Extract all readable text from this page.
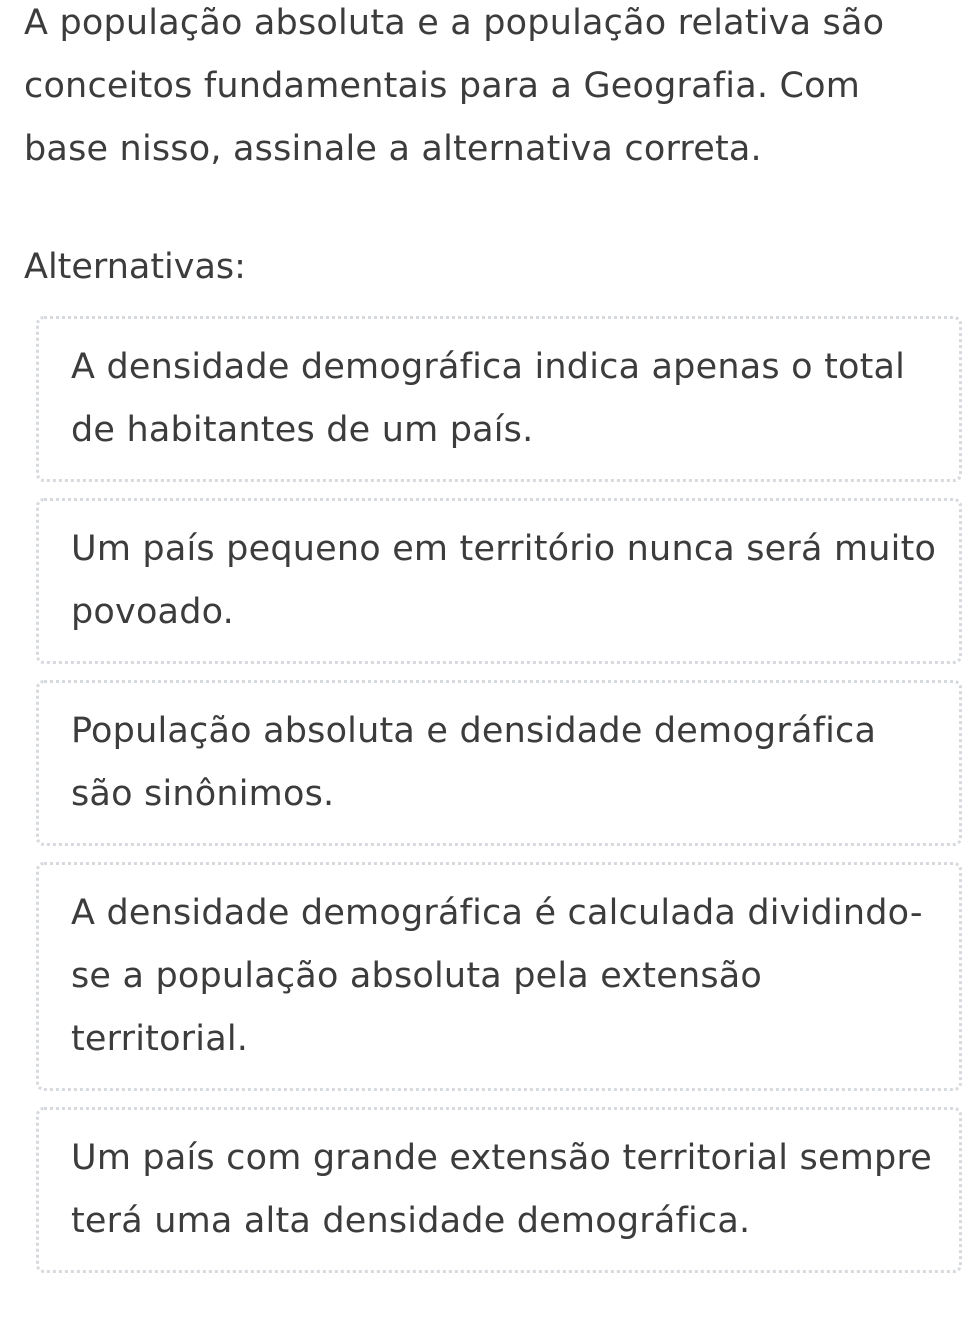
A população absoluta e a população relativa são conceitos fundamentais para a Geografia. Com base nisso, assinale a alternativa correta.

Alternativas:

A densidade demográfica indica apenas o total de habitantes de um país.
Um país pequeno em território nunca será muito povoado.
População absoluta e densidade demográfica são sinônimos.
A densidade demográfica é calculada dividindo-se a população absoluta pela extensão territorial.
Um país com grande extensão territorial sempre terá uma alta densidade demográfica.
